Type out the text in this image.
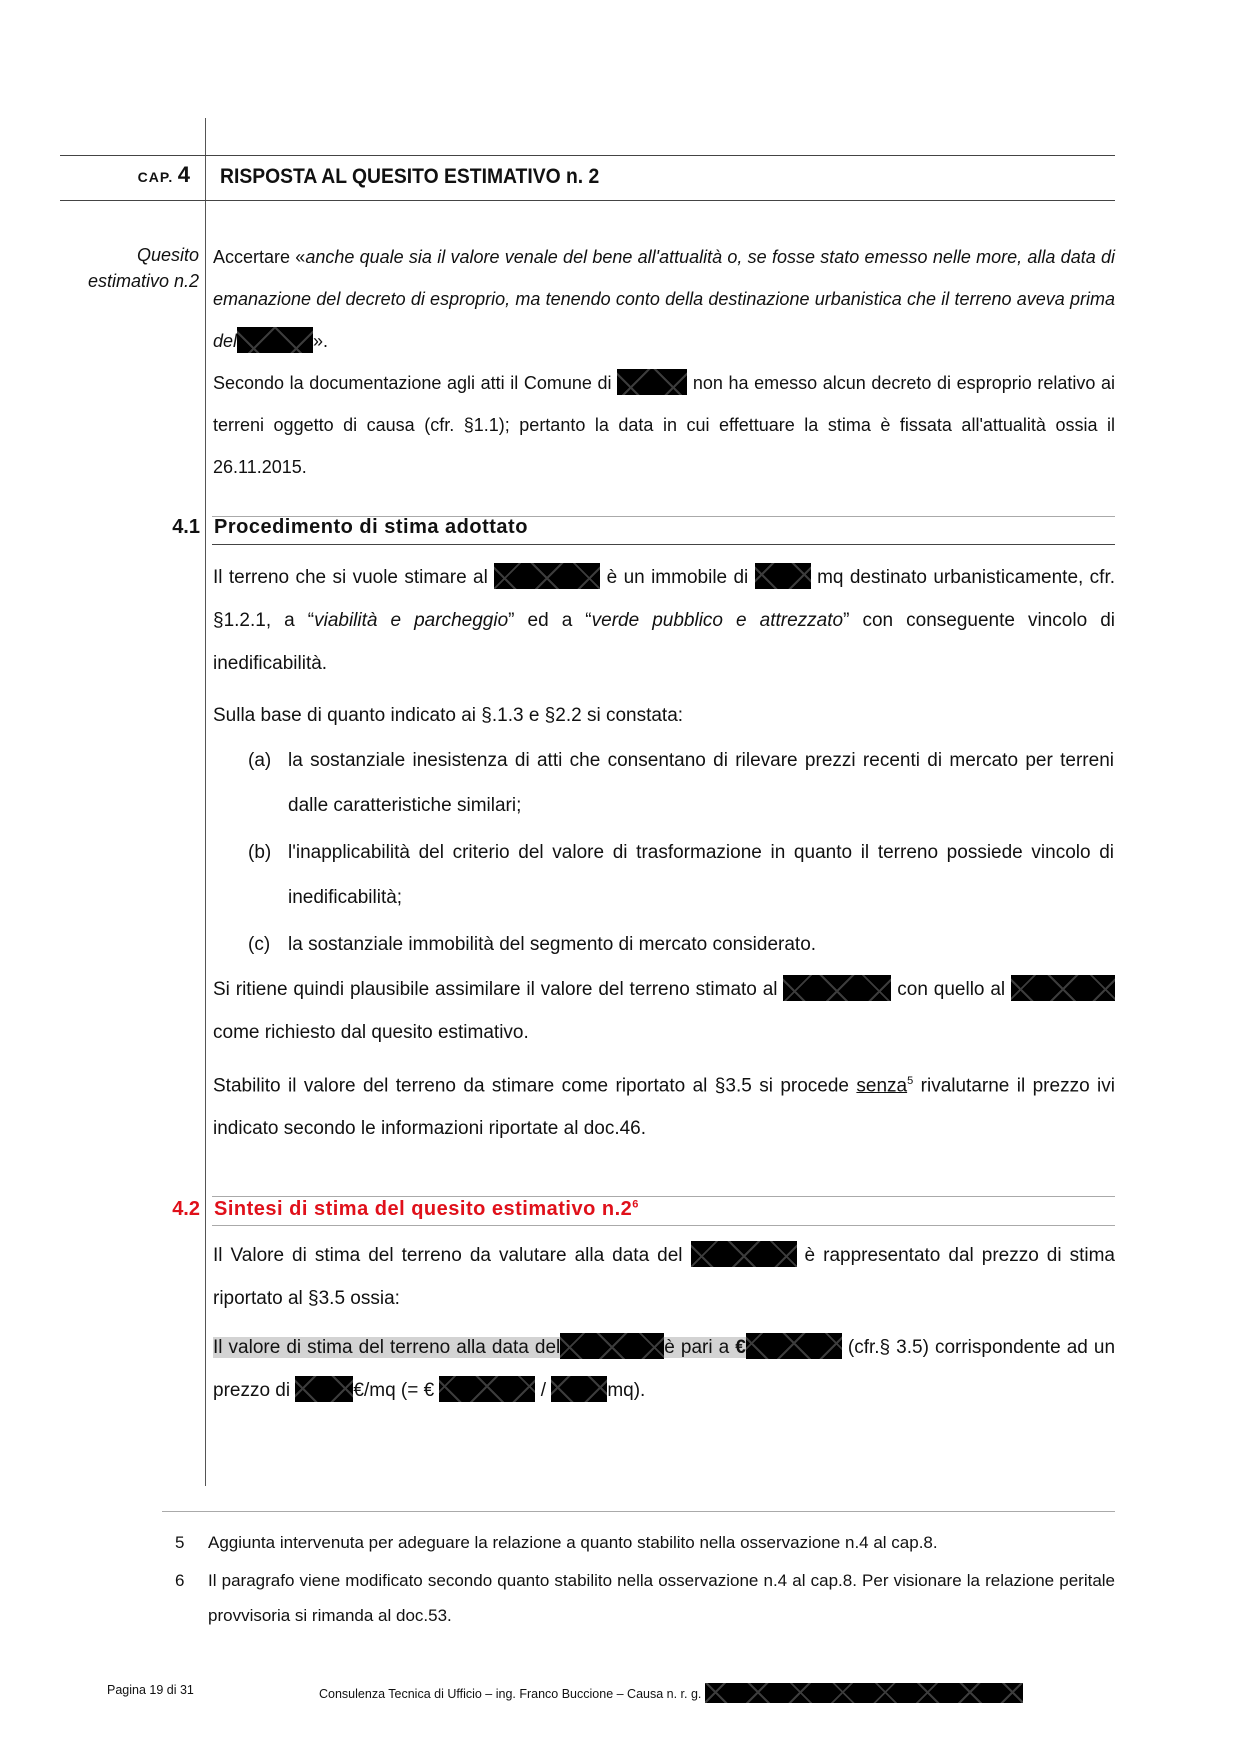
CAP. 4 RISPOSTA AL QUESITO ESTIMATIVO n. 2
Quesito
estimativo n.2
Accertare «anche quale sia il valore venale del bene all'attualità o, se fosse stato emesso nelle more, alla data di emanazione del decreto di esproprio, ma tenendo conto della destinazione urbanistica che il terreno aveva prima del	».
Secondo la documentazione agli atti il Comune di	non ha emesso alcun decreto di esproprio relativo ai terreni oggetto di causa (cfr. §1.1); pertanto la data in cui effettuare la stima è fissata all'attualità ossia il 26.11.2015.
4.1 Procedimento di stima adottato
Il terreno che si vuole stimare al	è un immobile di	mq destinato urbanisticamente, cfr. §1.2.1, a “viabilità e parcheggio” ed a “verde pubblico e attrezzato” con conseguente vincolo di inedificabilità.
Sulla base di quanto indicato ai §.1.3 e §2.2 si constata:
(a) la sostanziale inesistenza di atti che consentano di rilevare prezzi recenti di mercato per terreni dalle caratteristiche similari;
(b) l'inapplicabilità del criterio del valore di trasformazione in quanto il terreno possiede vincolo di inedificabilità;
(c) la sostanziale immobilità del segmento di mercato considerato.
Si ritiene quindi plausibile assimilare il valore del terreno stimato al	con quello al  come richiesto dal quesito estimativo.
Stabilito il valore del terreno da stimare come riportato al §3.5 si procede senza$^5$ rivalutarne il prezzo ivi indicato secondo le informazioni riportate al doc.46.
4.2 Sintesi di stima del quesito estimativo $n.2^6$
Il Valore di stima del terreno da valutare alla data del	è rappresentato dal prezzo di stima riportato al §3.5 ossia:
Il valore di stima del terreno alla data del	è pari a €	(cfr.§ 3.5) corrispondente ad un prezzo di	€/mq (= €	/	mq).
5 Aggiunta intervenuta per adeguare la relazione a quanto stabilito nella osservazione n.4 al cap.8.
6 Il paragrafo viene modificato secondo quanto stabilito nella osservazione n.4 al cap.8. Per visionare la relazione peritale provvisoria si rimanda al doc.53.
Pagina 19 di 31	Consulenza Tecnica di Ufficio – ing. Franco Buccione – Causa n. r. g.
